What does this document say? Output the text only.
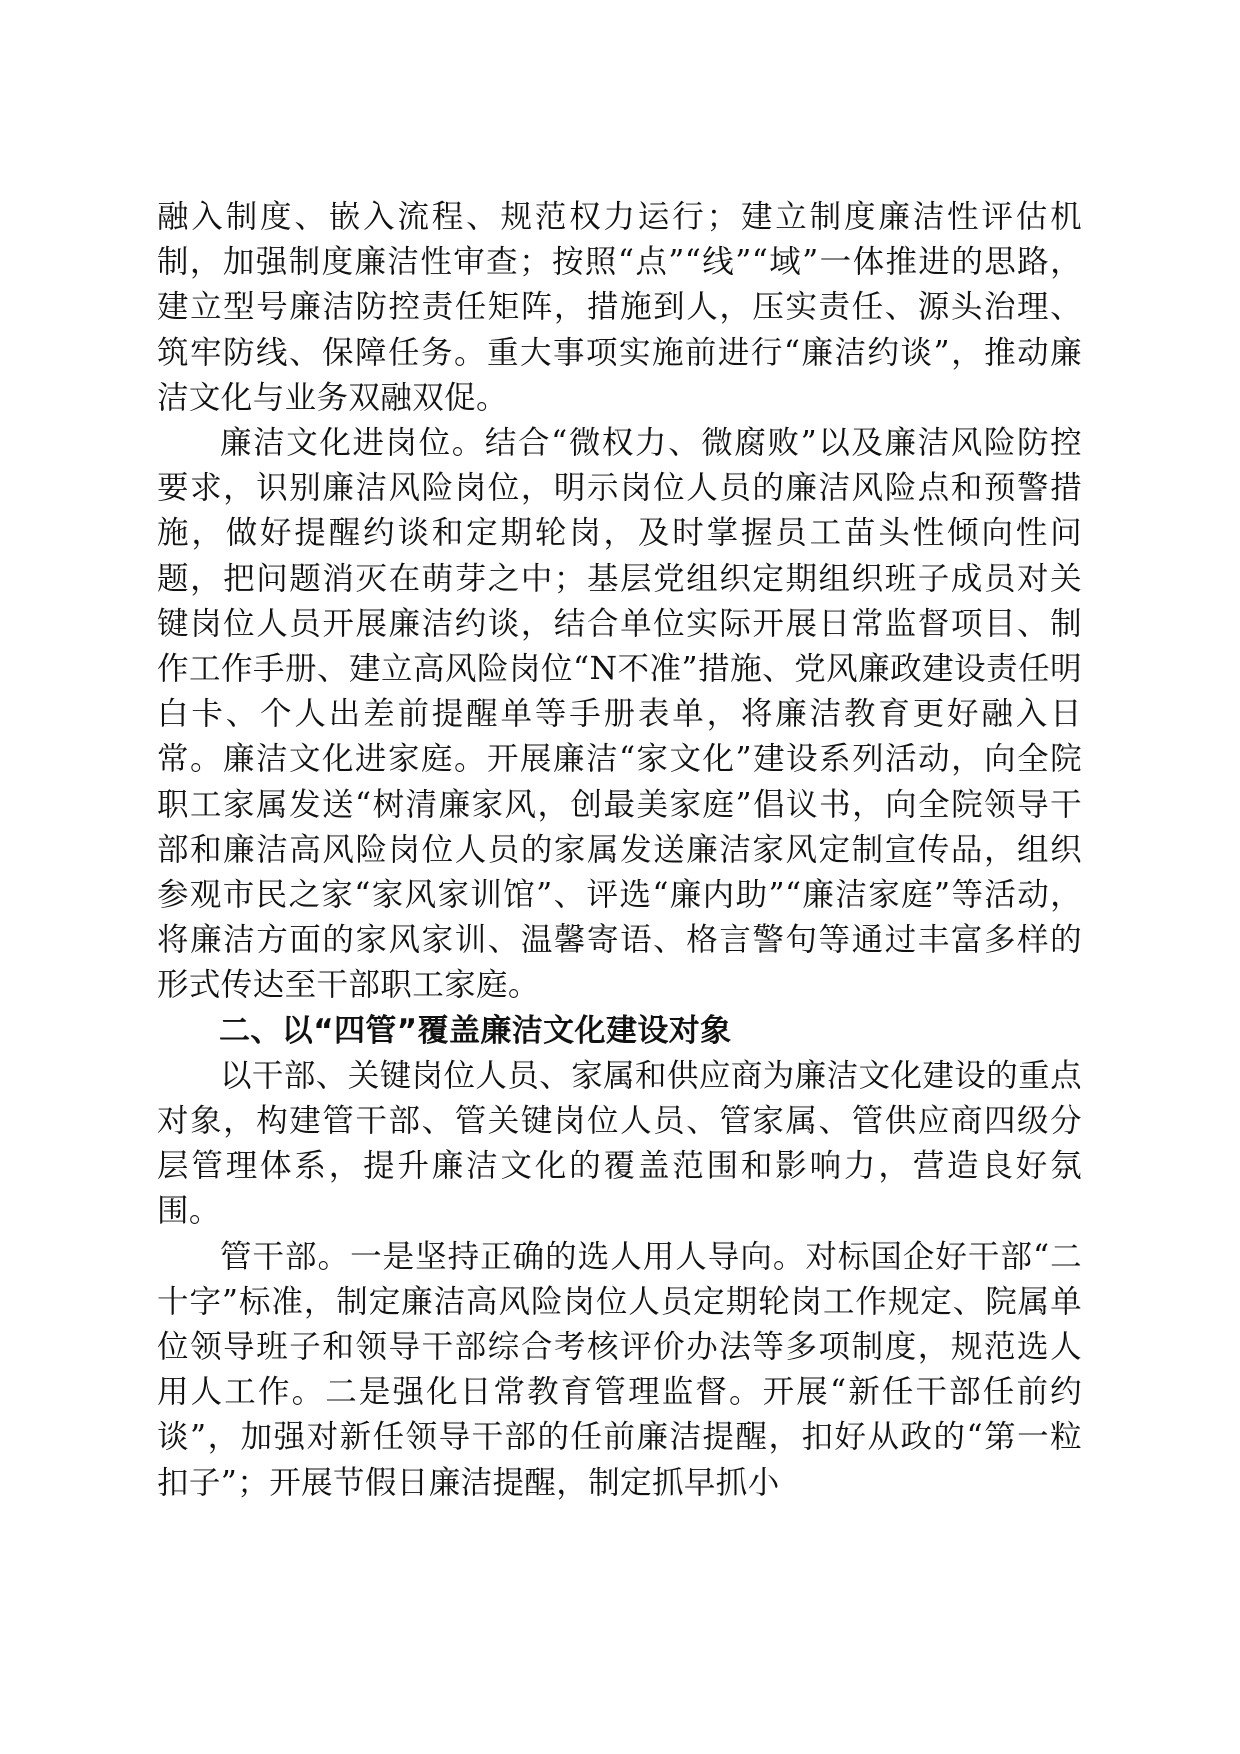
融入制度、嵌入流程、规范权力运行；建立制度廉洁性评估机制，加强制度廉洁性审查；按照“点”“线”“域”一体推进的思路，建立型号廉洁防控责任矩阵，措施到人，压实责任、源头治理、筑牢防线、保障任务。重大事项实施前进行“廉洁约谈”，推动廉洁文化与业务双融双促。

廉洁文化进岗位。结合“微权力、微腐败”以及廉洁风险防控要求，识别廉洁风险岗位，明示岗位人员的廉洁风险点和预警措施，做好提醒约谈和定期轮岗，及时掌握员工苗头性倾向性问题，把问题消灭在萌芽之中；基层党组织定期组织班子成员对关键岗位人员开展廉洁约谈，结合单位实际开展日常监督项目、制作工作手册、建立高风险岗位“N不准”措施、党风廉政建设责任明白卡、个人出差前提醒单等手册表单，将廉洁教育更好融入日常。廉洁文化进家庭。开展廉洁“家文化”建设系列活动，向全院职工家属发送“树清廉家风，创最美家庭”倡议书，向全院领导干部和廉洁高风险岗位人员的家属发送廉洁家风定制宣传品，组织参观市民之家“家风家训馆”、评选“廉内助”“廉洁家庭”等活动，将廉洁方面的家风家训、温馨寄语、格言警句等通过丰富多样的形式传达至干部职工家庭。

二、以“四管”覆盖廉洁文化建设对象

以干部、关键岗位人员、家属和供应商为廉洁文化建设的重点对象，构建管干部、管关键岗位人员、管家属、管供应商四级分层管理体系，提升廉洁文化的覆盖范围和影响力，营造良好氛围。

管干部。一是坚持正确的选人用人导向。对标国企好干部“二十字”标准，制定廉洁高风险岗位人员定期轮岗工作规定、院属单位领导班子和领导干部综合考核评价办法等多项制度，规范选人用人工作。二是强化日常教育管理监督。开展“新任干部任前约谈”，加强对新任领导干部的任前廉洁提醒，扣好从政的“第一粒扣子”；开展节假日廉洁提醒，制定抓早抓小
